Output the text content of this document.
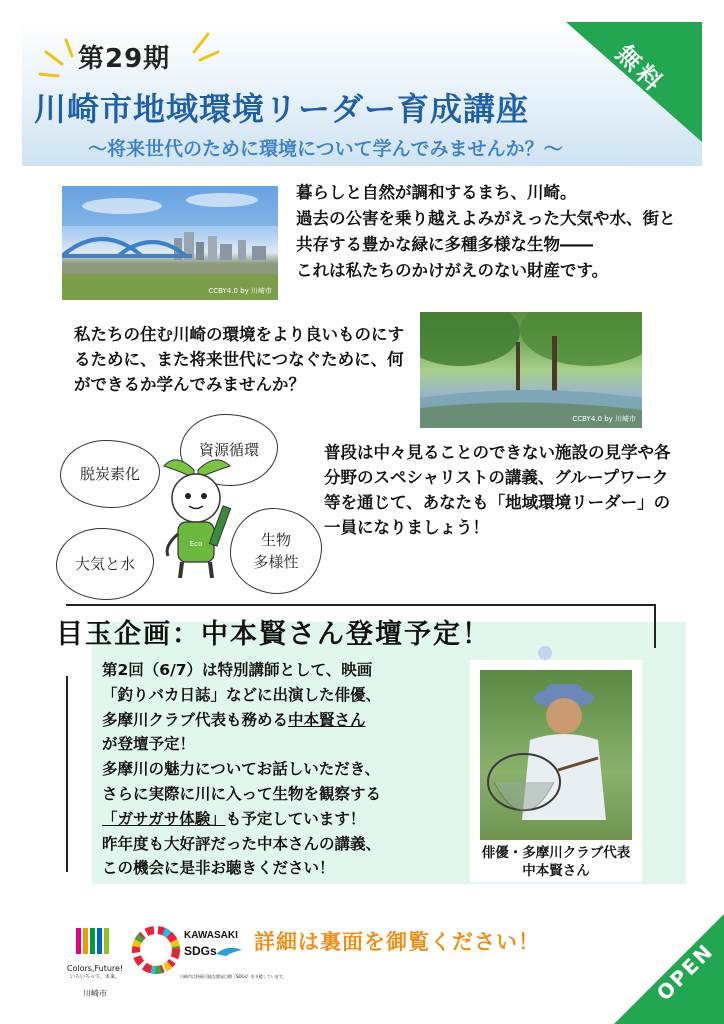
第29期
川崎市地域環境リーダー育成講座
～将来世代のために環境について学んでみませんか？～
無料
CCBY4.0 by 川崎市
暮らしと自然が調和するまち、川崎。
過去の公害を乗り越えよみがえった大気や水、街と共存する豊かな緑に多種多様な生物――
これは私たちのかけがえのない財産です。
私たちの住む川崎の環境をより良いものにするために、また将来世代につなぐために、何ができるか学んでみませんか？
CCBY4.0 by 川崎市
脱炭素化
資源循環
大気と水
生物
多様性
Eco
普段は中々見ることのできない施設の見学や各分野のスペシャリストの講義、グループワーク等を通じて、あなたも「地域環境リーダー」の一員になりましょう！
目玉企画：中本賢さん登壇予定！
第2回（6/7）は特別講師として、映画
「釣りバカ日誌」などに出演した俳優、
多摩川クラブ代表も務める中本賢さん
が登壇予定！
多摩川の魅力についてお話しいただき、
さらに実際に川に入って生物を観察する
「ガサガサ体験」も予定しています！
昨年度も大好評だった中本さんの講義、
この機会に是非お聴きください！
俳優・多摩川クラブ代表
中本賢さん
Colors,Future!
いろいろって、未来。
川崎市
KAWASAKI
SDGs
川崎市は持続可能な開発目標（SDGs）を支援しています。
詳細は裏面を御覧ください！	OPEN
